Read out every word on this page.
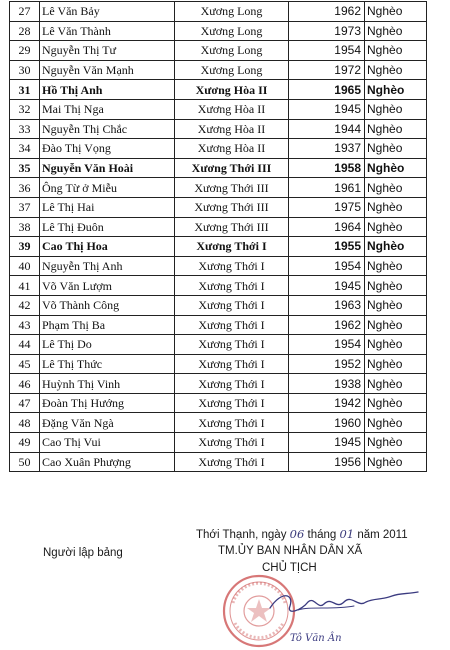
27	Lê Văn Bảy	Xương Long	1962	Nghèo
28	Lê Văn Thành	Xương Long	1973	Nghèo
29	Nguyễn Thị Tư	Xương Long	1954	Nghèo
30	Nguyễn Văn Mạnh	Xương Long	1972	Nghèo
31	Hồ Thị Anh	Xương Hòa II	1965	Nghèo
32	Mai Thị Nga	Xương Hòa II	1945	Nghèo
33	Nguyễn Thị Chắc	Xương Hòa II	1944	Nghèo
34	Đào Thị Vọng	Xương Hòa II	1937	Nghèo
35	Nguyễn Văn Hoài	Xương Thới III	1958	Nghèo
36	Ông Từ ở Miễu	Xương Thới III	1961	Nghèo
37	Lê Thị Hai	Xương Thới III	1975	Nghèo
38	Lê Thị Đuôn	Xương Thới III	1964	Nghèo
39	Cao Thị Hoa	Xương Thới I	1955	Nghèo
40	Nguyễn Thị Anh	Xương Thới I	1954	Nghèo
41	Võ Văn Lượm	Xương Thới I	1945	Nghèo
42	Võ Thành Công	Xương Thới I	1963	Nghèo
43	Phạm Thị Ba	Xương Thới I	1962	Nghèo
44	Lê Thị Do	Xương Thới I	1954	Nghèo
45	Lê Thị Thức	Xương Thới I	1952	Nghèo
46	Huỳnh Thị Vinh	Xương Thới I	1938	Nghèo
47	Đoàn Thị Hướng	Xương Thới I	1942	Nghèo
48	Đặng Văn Ngà	Xương Thới I	1960	Nghèo
49	Cao Thị Vui	Xương Thới I	1945	Nghèo
50	Cao Xuân Phượng	Xương Thới I	1956	Nghèo
Thới Thạnh, ngày 06 tháng 01 năm 2011
TM.ỦY BAN NHÂN DÂN XÃ
CHỦ TỊCH
Người lập bảng
Tô Văn Ân
